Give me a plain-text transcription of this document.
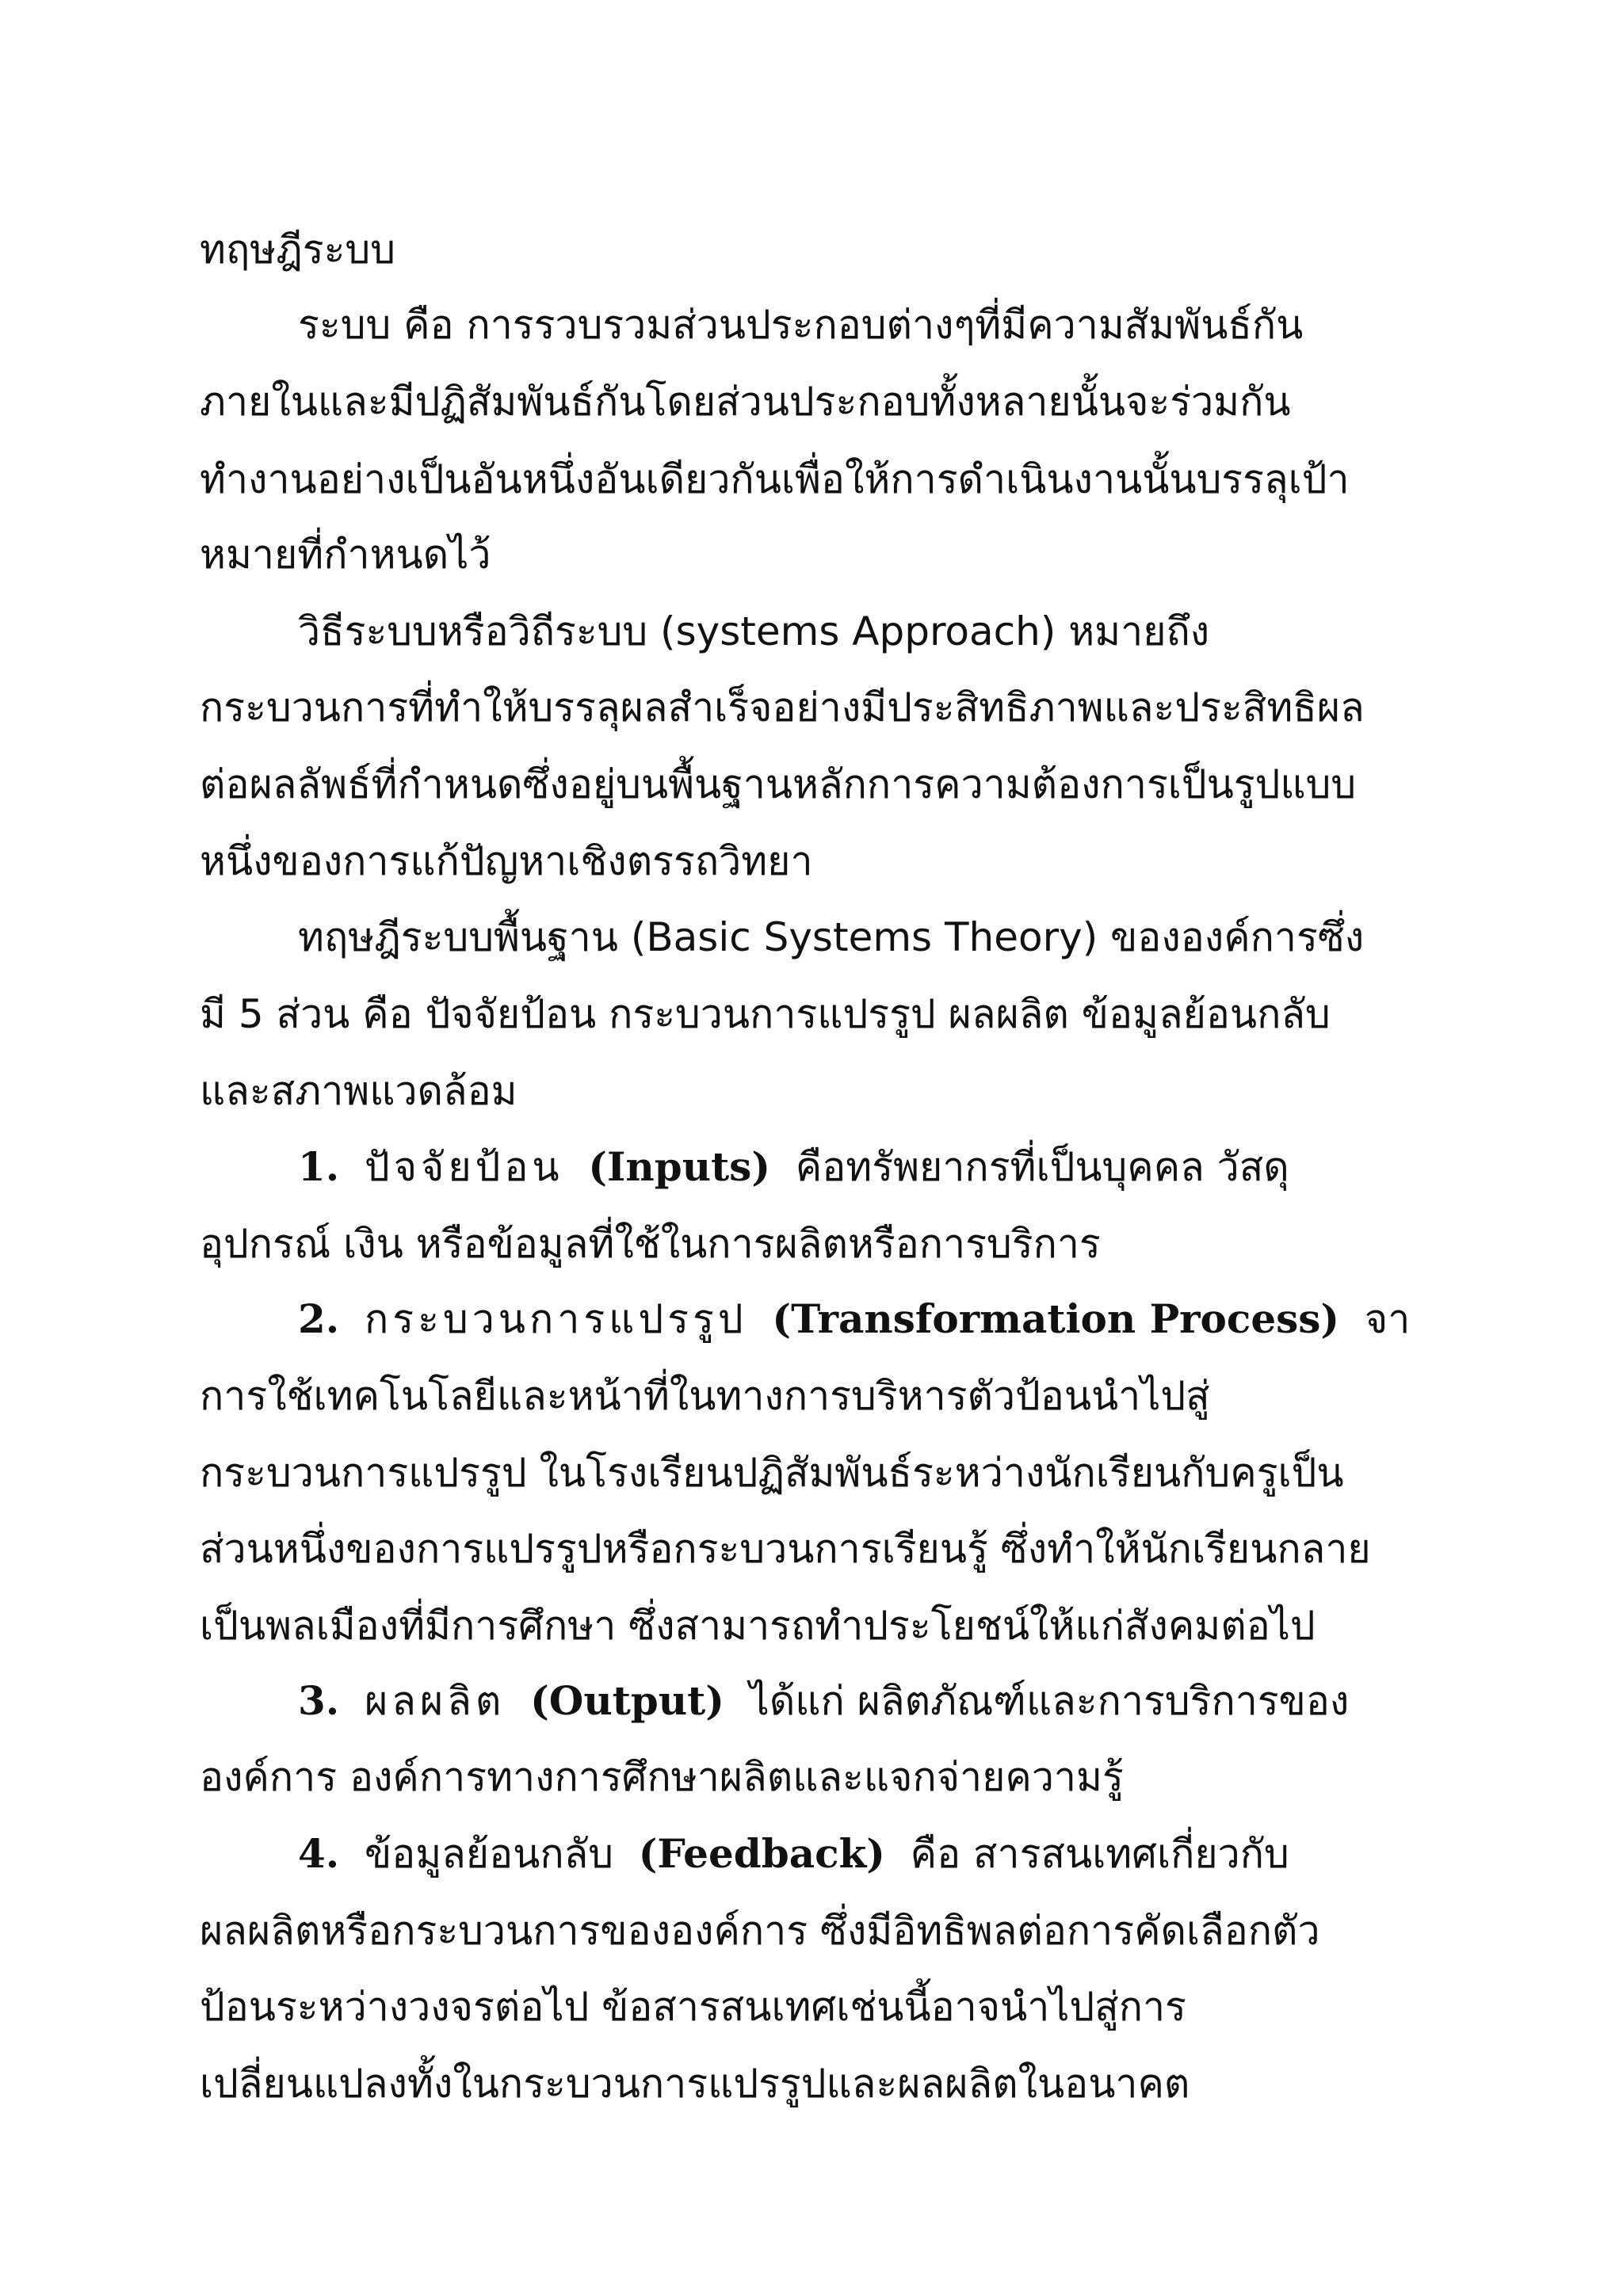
ทฤษฎีระบบ
ระบบ คือ การรวบรวมส่วนประกอบต่างๆที่มีความสัมพันธ์กัน
ภายในและมีปฏิสัมพันธ์กันโดยส่วนประกอบทั้งหลายนั้นจะร่วมกัน
ทำงานอย่างเป็นอันหนึ่งอันเดียวกันเพื่อให้การดำเนินงานนั้นบรรลุเป้า
หมายที่กำหนดไว้
วิธีระบบหรือวิถีระบบ (systems Approach) หมายถึง
กระบวนการที่ทำให้บรรลุผลสำเร็จอย่างมีประสิทธิภาพและประสิทธิผล
ต่อผลลัพธ์ที่กำหนดซึ่งอยู่บนพื้นฐานหลักการความต้องการเป็นรูปแบบ
หนึ่งของการแก้ปัญหาเชิงตรรถวิทยา
ทฤษฎีระบบพื้นฐาน (Basic Systems Theory) ขององค์การซึ่ง
มี 5 ส่วน คือ ปัจจัยป้อน กระบวนการแปรรูป ผลผลิต ข้อมูลย้อนกลับ
และสภาพแวดล้อม
1. ปัจจัยป้อน (Inputs) คือทรัพยากรที่เป็นบุคคล วัสดุ
อุปกรณ์ เงิน หรือข้อมูลที่ใช้ในการผลิตหรือการบริการ
2. กระบวนการแปรรูป (Transformation Process) จา
การใช้เทคโนโลยีและหน้าที่ในทางการบริหารตัวป้อนนำไปสู่
กระบวนการแปรรูป ในโรงเรียนปฏิสัมพันธ์ระหว่างนักเรียนกับครูเป็น
ส่วนหนึ่งของการแปรรูปหรือกระบวนการเรียนรู้ ซึ่งทำให้นักเรียนกลาย
เป็นพลเมืองที่มีการศึกษา ซึ่งสามารถทำประโยชน์ให้แก่สังคมต่อไป
3. ผลผลิต (Output) ได้แก่ ผลิตภัณฑ์และการบริการของ
องค์การ องค์การทางการศึกษาผลิตและแจกจ่ายความรู้
4. ข้อมูลย้อนกลับ (Feedback) คือ สารสนเทศเกี่ยวกับ
ผลผลิตหรือกระบวนการขององค์การ ซึ่งมีอิทธิพลต่อการคัดเลือกตัว
ป้อนระหว่างวงจรต่อไป ข้อสารสนเทศเช่นนี้อาจนำไปสู่การ
เปลี่ยนแปลงทั้งในกระบวนการแปรรูปและผลผลิตในอนาคต
